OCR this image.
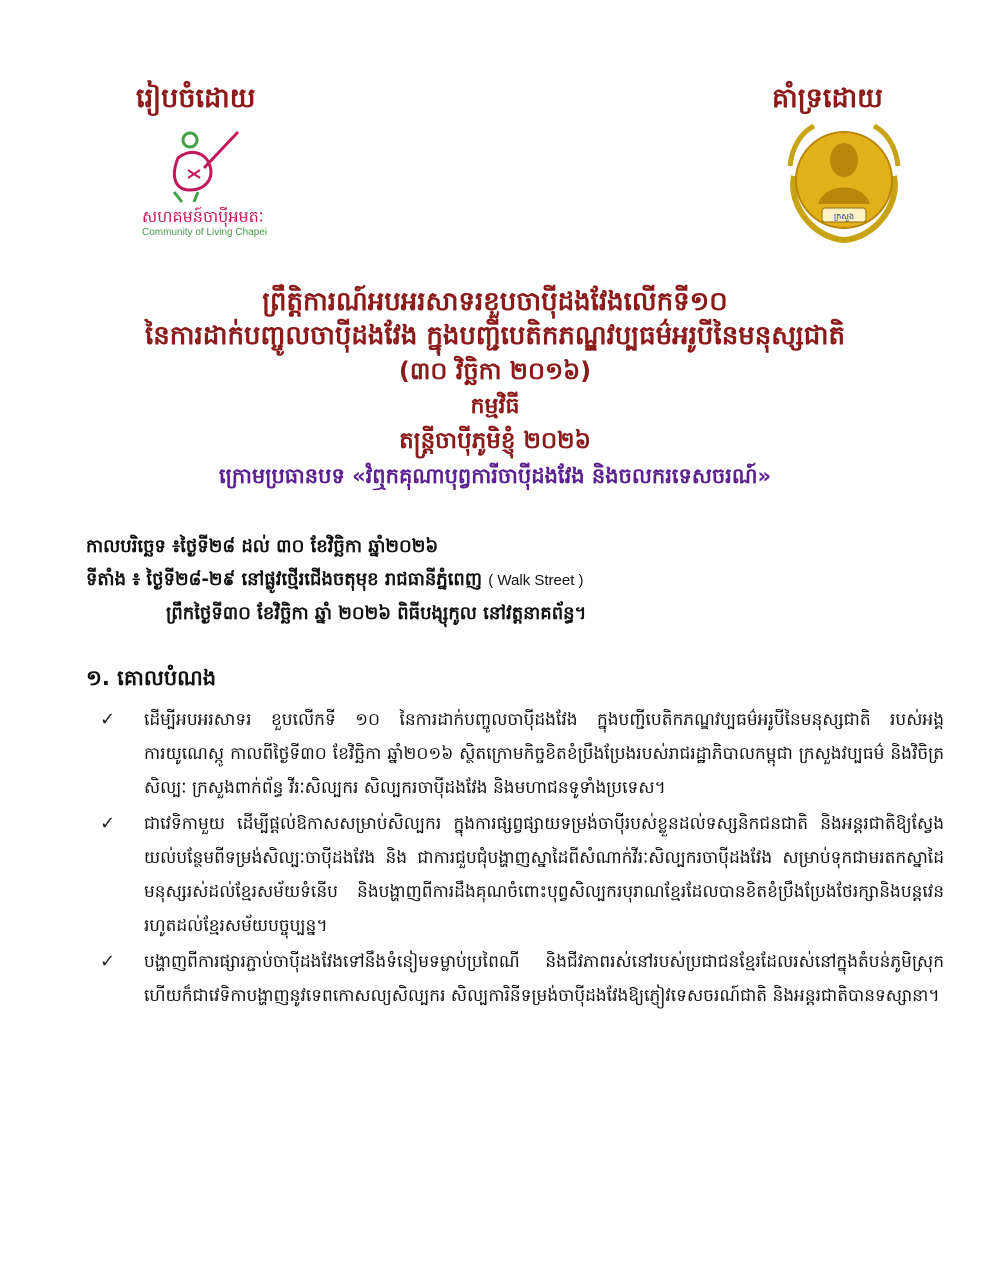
រៀបចំដោយ	គាំទ្រដោយ
សហគមន៍ចាប៉ីអមតៈ
Community of Living Chapei
ក្រសួង
ព្រឹត្តិការណ៍អបអរសាទរខួបចាប៉ីដងវែងលើកទី១០
នៃការដាក់បញ្ចូលចាប៉ីដងវែង ក្នុងបញ្ជីបេតិកភណ្ឌវប្បធម៌អរូបីនៃមនុស្សជាតិ
(៣០ វិច្ឆិកា ២០១៦)
កម្មវិធី
តន្ត្រីចាប៉ីភូមិខ្ញុំ ២០២៦
ក្រោមប្រធានបទ «វំឮកគុណាបុព្វការីចាប៉ីដងវែង និងចលករទេសចរណ៍»
កាលបរិច្ឆេទ ៖ថ្ងៃទី២៨ ដល់ ៣០ ខែវិច្ឆិកា ឆ្នាំ២០២៦
ទីតាំង ៖ ថ្ងៃទី២៨-២៩ នៅផ្លូវថ្មើរជើងចតុមុខ រាជធានីភ្នំពេញ ( Walk Street )
ព្រឹកថ្ងៃទី៣០ ខែវិច្ឆិកា ឆ្នាំ ២០២៦ ពិធីបង្សុកូល នៅវត្តនាគព័ន្ធ។
១. គោលបំណង
✓	ដើម្បីអបអរសាទរ ខួបលើកទី ១០ នៃការដាក់បញ្ចូលចាប៉ីដងវែង ក្នុងបញ្ជីបេតិកភណ្ឌវប្បធម៌អរូបីនៃមនុស្សជាតិ របស់អង្គការយូណេស្កូ កាលពីថ្ងៃទី៣០ ខែវិច្ឆិកា ឆ្នាំ២០១៦ ស្ថិតក្រោមកិច្ចខិតខំប្រឹងប្រែងរបស់រាជរដ្ឋាភិបាលកម្ពុជា ក្រសួងវប្បធម៌ និងវិចិត្រសិល្បៈ ក្រសួងពាក់ព័ន្ធ វីរៈសិល្បករ សិល្បករចាប៉ីដងវែង និងមហាជនទូទាំងប្រទេស។
✓	ជាវេទិកាមួយ ដើម្បីផ្តល់ឱកាសសម្រាប់សិល្បករ ក្នុងការផ្សព្វផ្សាយទម្រង់ចាប៉ីរបស់ខ្លួនដល់ទស្សនិកជនជាតិ និងអន្តរជាតិឱ្យស្វែងយល់បន្ថែមពីទម្រង់សិល្បៈចាប៉ីដងវែង និង ជាការជួបជុំបង្ហាញស្នាដៃពីសំណាក់វីរៈសិល្បករចាប៉ីដងវែង សម្រាប់ទុកជាមរតកស្នាដៃមនុស្សរស់ដល់ខ្មែរសម័យទំនើប និងបង្ហាញពីការដឹងគុណចំពោះបុព្វសិល្បករបុរាណខ្មែរដែលបានខិតខំប្រឹងប្រែងថែរក្សានិងបន្តវេនរហូតដល់ខ្មែរសម័យបច្ចុប្បន្ន។
✓	បង្ហាញពីការផ្សារភ្ជាប់ចាប៉ីដងវែងទៅនឹងទំនៀមទម្លាប់ប្រពៃណី និងជីវភាពរស់នៅរបស់ប្រជាជនខ្មែរដែលរស់នៅក្នុងតំបន់ភូមិស្រុក ហើយក៏ជាវេទិកាបង្ហាញនូវទេពកោសល្យសិល្បករ សិល្បការិនីទម្រង់ចាប៉ីដងវែងឱ្យភ្ញៀវទេសចរណ៍ជាតិ និងអន្តរជាតិបានទស្សានា។
